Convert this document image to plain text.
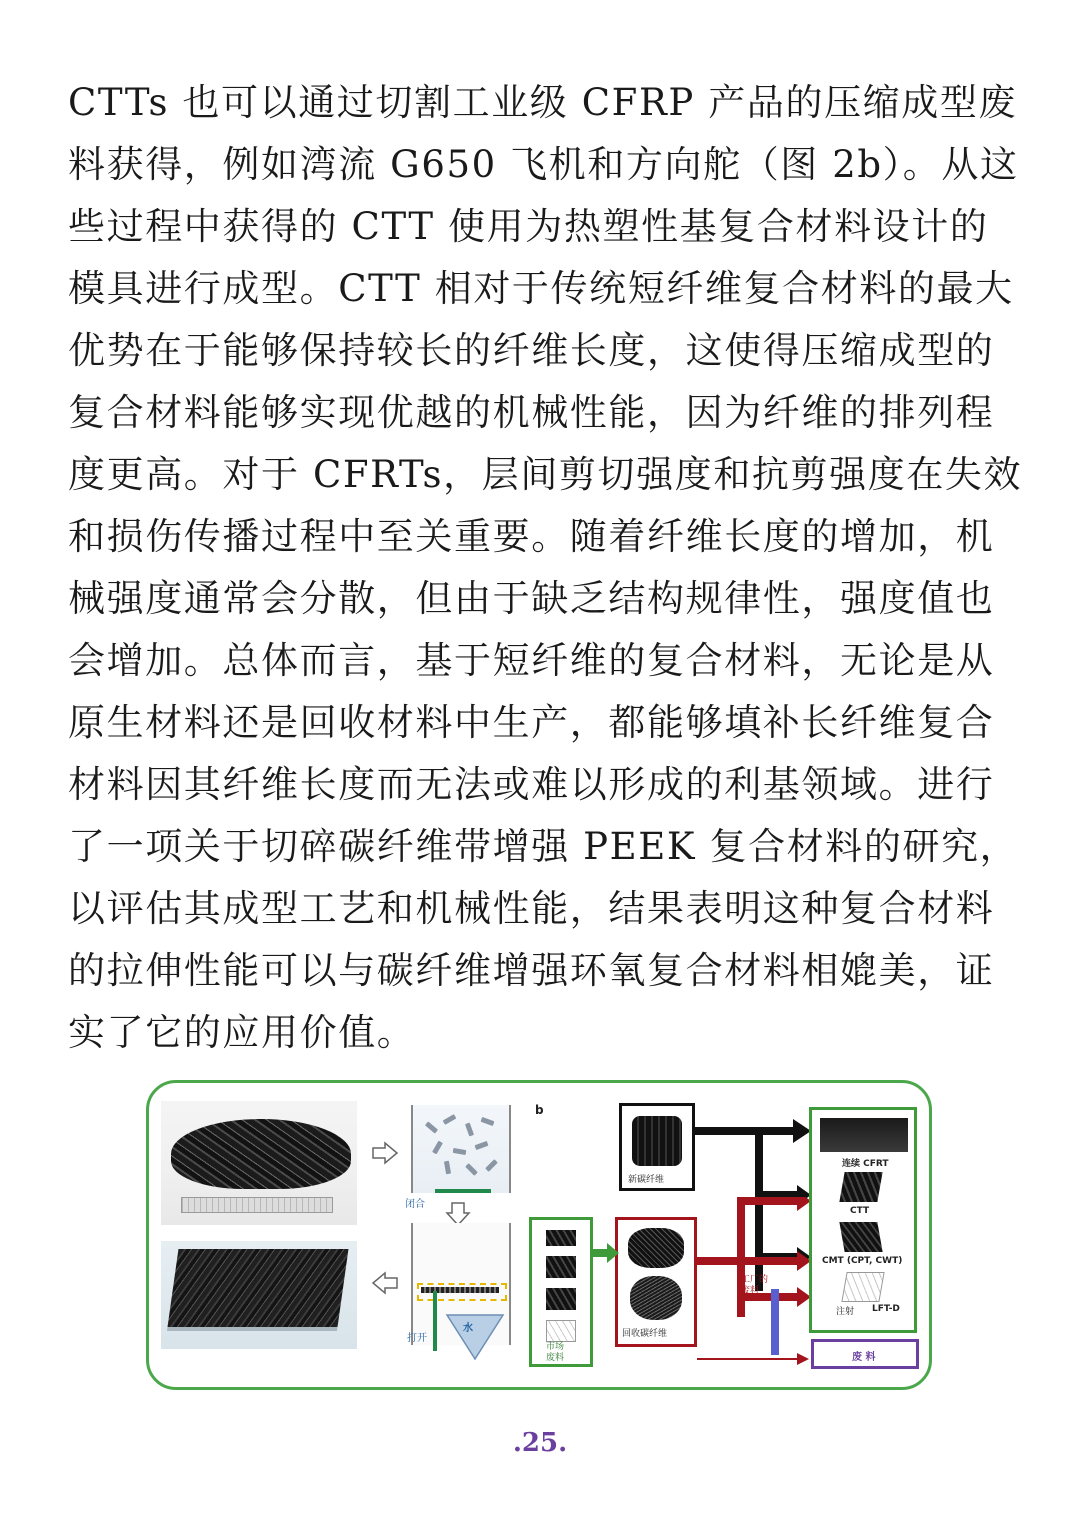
CTTs 也可以通过切割工业级 CFRP 产品的压缩成型废
料获得，例如湾流 G650 飞机和方向舵（图 2b）。从这
些过程中获得的 CTT 使用为热塑性基复合材料设计的
模具进行成型。CTT 相对于传统短纤维复合材料的最大
优势在于能够保持较长的纤维长度，这使得压缩成型的
复合材料能够实现优越的机械性能，因为纤维的排列程
度更高。对于 CFRTs，层间剪切强度和抗剪强度在失效
和损伤传播过程中至关重要。随着纤维长度的增加，机
械强度通常会分散，但由于缺乏结构规律性，强度值也
会增加。总体而言，基于短纤维的复合材料，无论是从
原生材料还是回收材料中生产，都能够填补长纤维复合
材料因其纤维长度而无法或难以形成的利基领域。进行
了一项关于切碎碳纤维带增强 PEEK 复合材料的研究，
以评估其成型工艺和机械性能，结果表明这种复合材料
的拉伸性能可以与碳纤维增强环氧复合材料相媲美，证
实了它的应用价值。
闭合
打开
水
b
新碳纤维
回收碳纤维
市场
废料
工厂的
废料
连续 CFRT
CTT
CMT (CPT, CWT)
注射 LFT-D
废 料
.25.
